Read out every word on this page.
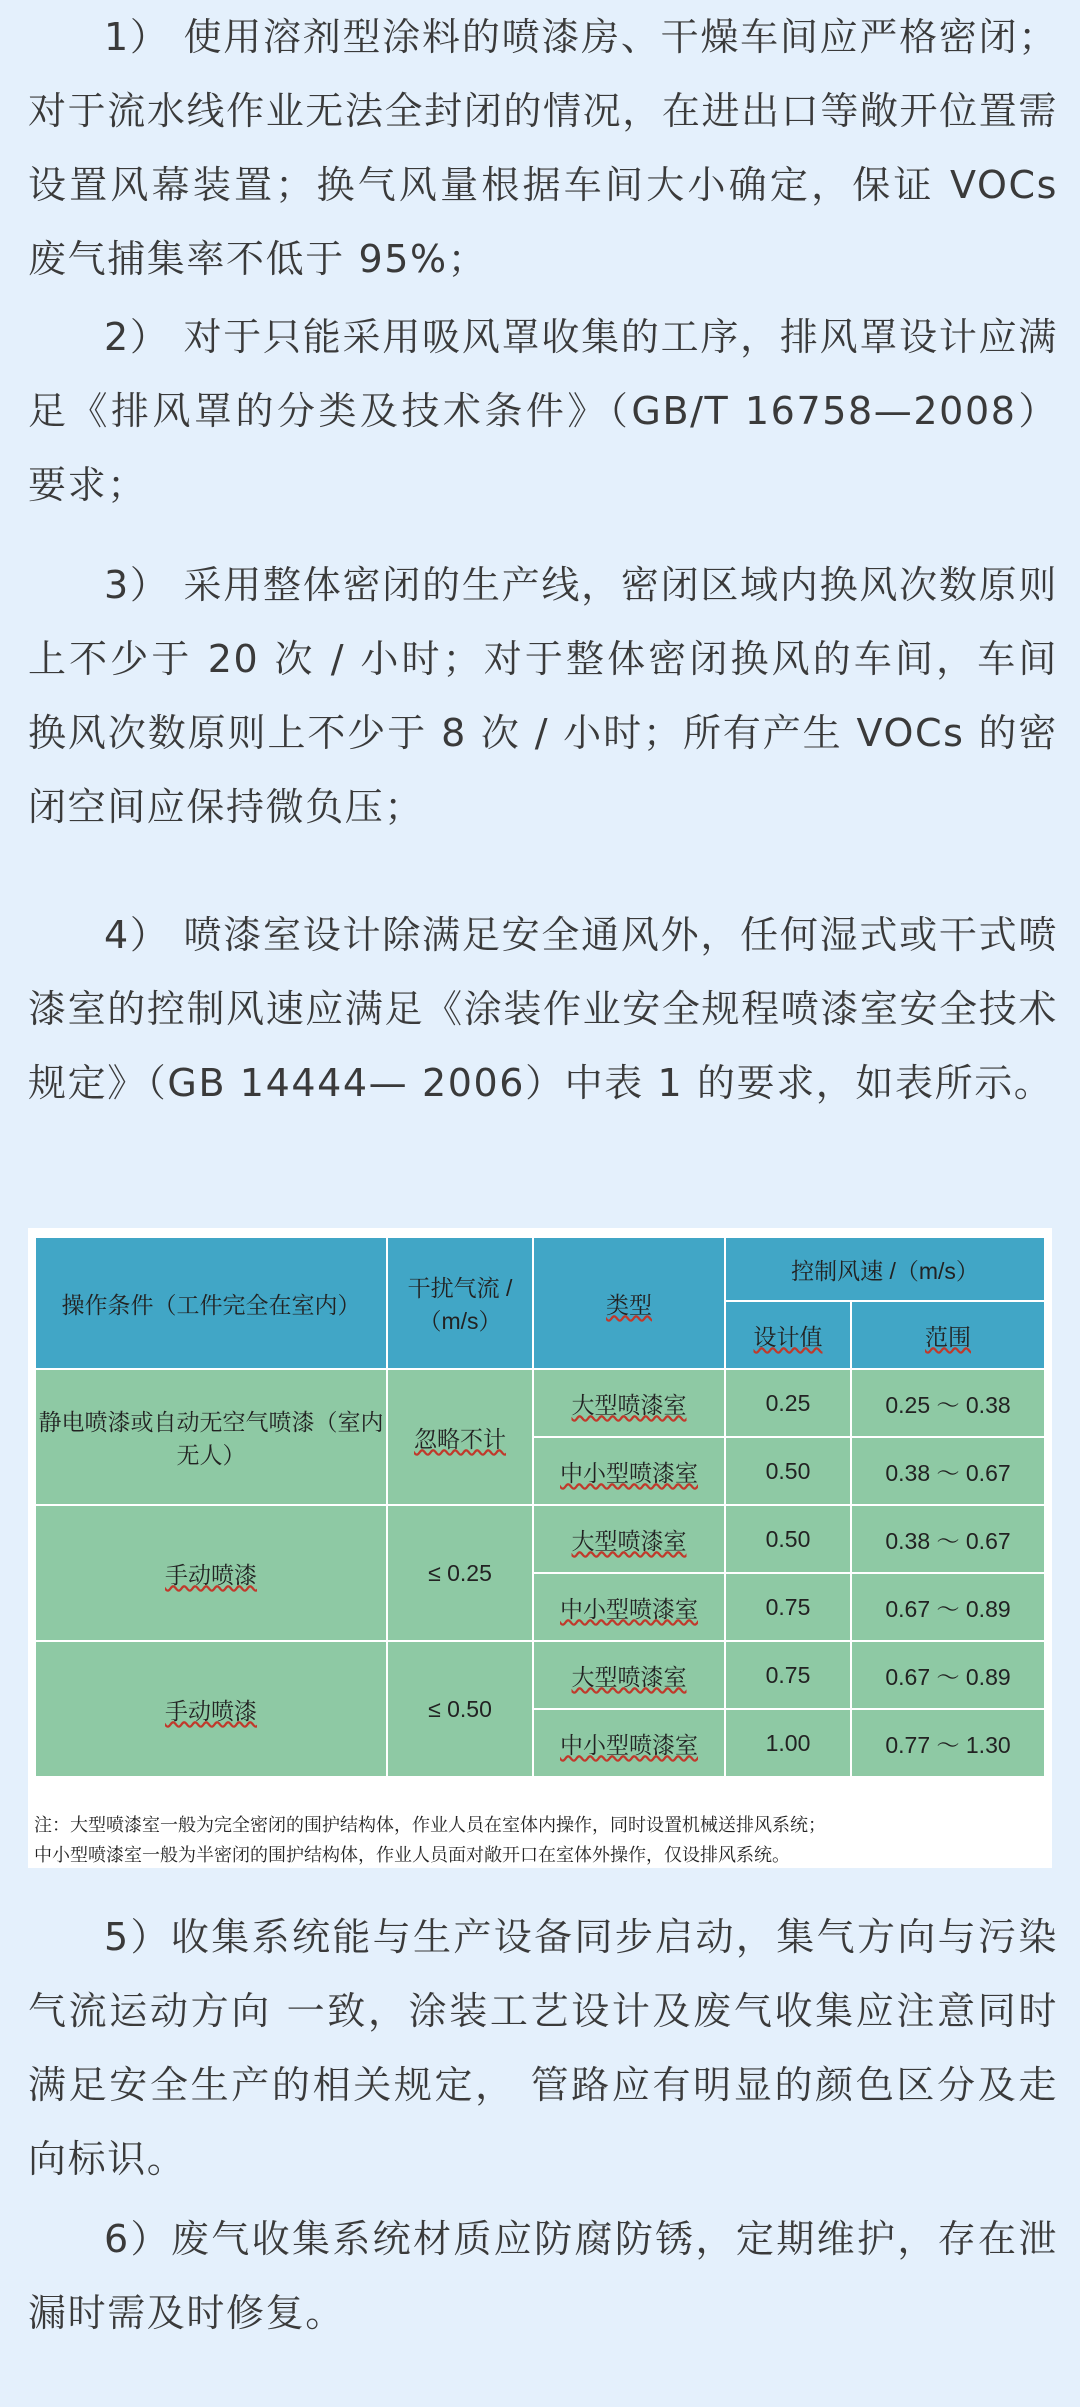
1） 使用溶剂型涂料的喷漆房、干燥车间应严格密闭；对于流水线作业无法全封闭的情况，在进出口等敞开位置需设置风幕装置；换气风量根据车间大小确定，保证 VOCs 废气捕集率不低于 95%；

2） 对于只能采用吸风罩收集的工序，排风罩设计应满足《排风罩的分类及技术条件》（GB/T 16758—2008）要求；

3） 采用整体密闭的生产线，密闭区域内换风次数原则上不少于 20 次 / 小时；对于整体密闭换风的车间，车间换风次数原则上不少于 8 次 / 小时；所有产生 VOCs 的密闭空间应保持微负压；

4） 喷漆室设计除满足安全通风外，任何湿式或干式喷漆室的控制风速应满足《涂装作业安全规程喷漆室安全技术规定》（GB 14444— 2006）中表 1 的要求，如表所示。

操作条件（工件完全在室内）	干扰气流 /（m/s）	类型	控制风速 /（m/s）	
			设计值	范围
静电喷漆或自动无空气喷漆（室内无人）	忽略不计	大型喷漆室	0.25	0.25 ～ 0.38
		中小型喷漆室	0.50	0.38 ～ 0.67
手动喷漆	≤ 0.25	大型喷漆室	0.50	0.38 ～ 0.67
		中小型喷漆室	0.75	0.67 ～ 0.89
手动喷漆	≤ 0.50	大型喷漆室	0.75	0.67 ～ 0.89
		中小型喷漆室	1.00	0.77 ～ 1.30
注：大型喷漆室一般为完全密闭的围护结构体，作业人员在室体内操作，同时设置机械送排风系统；
中小型喷漆室一般为半密闭的围护结构体，作业人员面对敞开口在室体外操作，仅设排风系统。

5）收集系统能与生产设备同步启动，集气方向与污染气流运动方向 一致，涂装工艺设计及废气收集应注意同时满足安全生产的相关规定， 管路应有明显的颜色区分及走向标识。

6）废气收集系统材质应防腐防锈，定期维护，存在泄漏时需及时修复。
